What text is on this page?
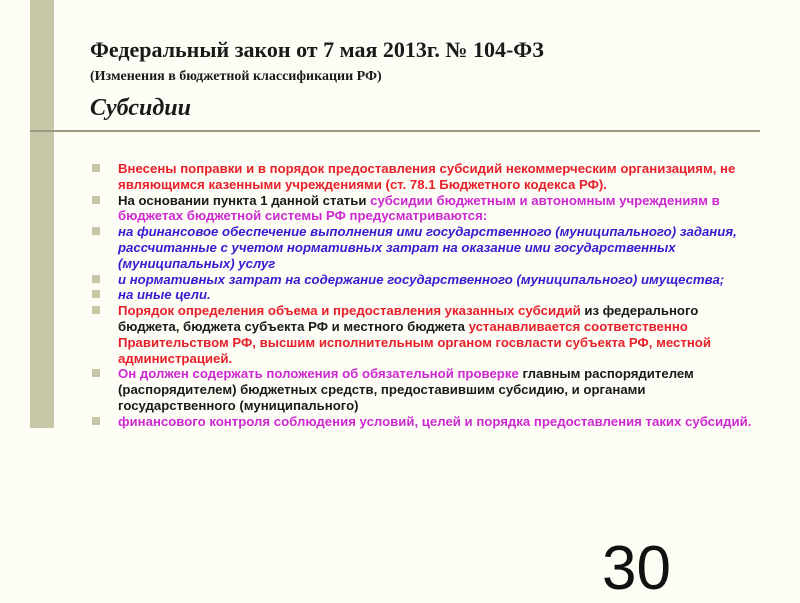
Федеральный закон от 7 мая 2013г. № 104-ФЗ
(Изменения в бюджетной классификации РФ)
Субсидии
Внесены поправки и в порядок предоставления субсидий некоммерческим организациям, не являющимся казенными учреждениями (ст. 78.1 Бюджетного кодекса РФ).
На основании пункта 1 данной статьи субсидии бюджетным и автономным учреждениям в бюджетах бюджетной системы РФ предусматриваются:
на финансовое обеспечение выполнения ими государственного (муниципального) задания, рассчитанные с учетом нормативных затрат на оказание ими государственных (муниципальных) услуг
и нормативных затрат на содержание государственного (муниципального) имущества;
на иные цели.
Порядок определения объема и предоставления указанных субсидий из федерального бюджета, бюджета субъекта РФ и местного бюджета устанавливается соответственно Правительством РФ, высшим исполнительным органом госвласти субъекта РФ, местной администрацией.
Он должен содержать положения об обязательной проверке главным распорядителем (распорядителем) бюджетных средств, предоставившим субсидию, и органами государственного (муниципального)
финансового контроля соблюдения условий, целей и порядка предоставления таких субсидий.
30
